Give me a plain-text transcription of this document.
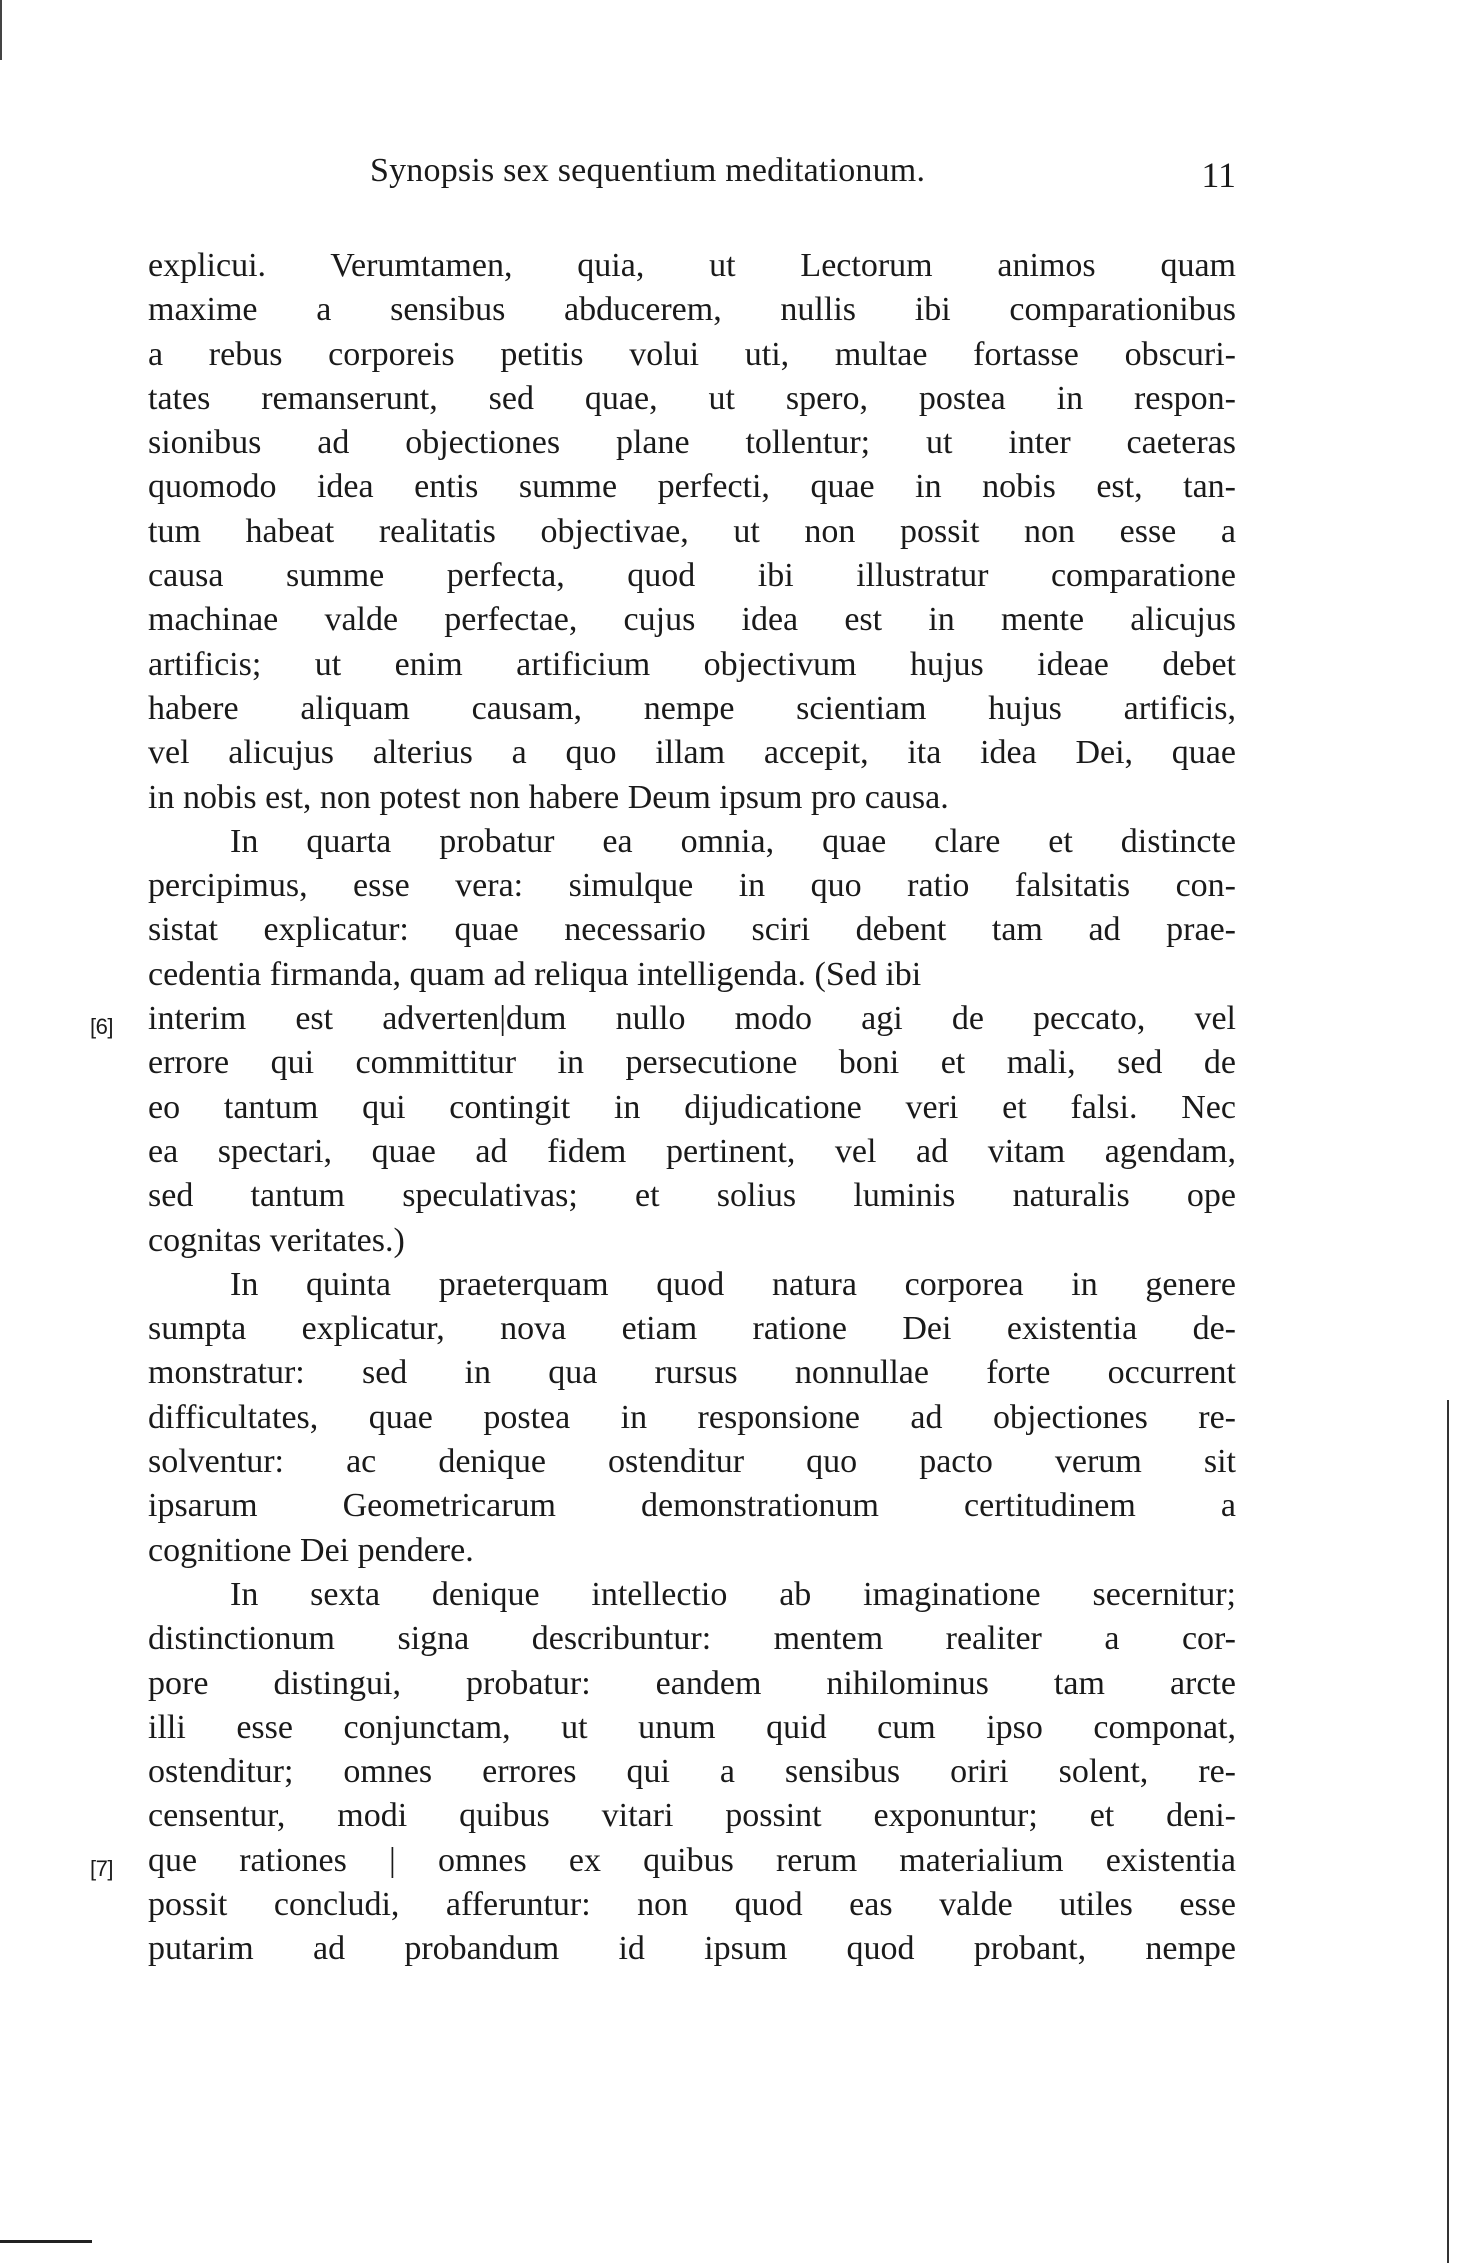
Synopsis sex sequentium meditationum.	11
explicui. Verumtamen, quia, ut Lectorum animos quam
maxime a sensibus abducerem, nullis ibi comparationibus
a rebus corporeis petitis volui uti, multae fortasse obscuri-
tates remanserunt, sed quae, ut spero, postea in respon-
sionibus ad objectiones plane tollentur; ut inter caeteras
quomodo idea entis summe perfecti, quae in nobis est, tan-
tum habeat realitatis objectivae, ut non possit non esse a
causa summe perfecta, quod ibi illustratur comparatione
machinae valde perfectae, cujus idea est in mente alicujus
artificis; ut enim artificium objectivum hujus ideae debet
habere aliquam causam, nempe scientiam hujus artificis,
vel alicujus alterius a quo illam accepit, ita idea Dei, quae
in nobis est, non potest non habere Deum ipsum pro causa.
In quarta probatur ea omnia, quae clare et distincte
percipimus, esse vera: simulque in quo ratio falsitatis con-
sistat explicatur: quae necessario sciri debent tam ad prae-
cedentia firmanda, quam ad reliqua intelligenda. (Sed ibi
[6] interim est adverten|dum nullo modo agi de peccato, vel
errore qui committitur in persecutione boni et mali, sed de
eo tantum qui contingit in dijudicatione veri et falsi. Nec
ea spectari, quae ad fidem pertinent, vel ad vitam agendam,
sed tantum speculativas; et solius luminis naturalis ope
cognitas veritates.)
In quinta praeterquam quod natura corporea in genere
sumpta explicatur, nova etiam ratione Dei existentia de-
monstratur: sed in qua rursus nonnullae forte occurrent
difficultates, quae postea in responsione ad objectiones re-
solventur: ac denique ostenditur quo pacto verum sit
ipsarum Geometricarum demonstrationum certitudinem a
cognitione Dei pendere.
In sexta denique intellectio ab imaginatione secernitur;
distinctionum signa describuntur: mentem realiter a cor-
pore distingui, probatur: eandem nihilominus tam arcte
illi esse conjunctam, ut unum quid cum ipso componat,
ostenditur; omnes errores qui a sensibus oriri solent, re-
censentur, modi quibus vitari possint exponuntur; et deni-
[7] que rationes | omnes ex quibus rerum materialium existentia
possit concludi, afferuntur: non quod eas valde utiles esse
putarim ad probandum id ipsum quod probant, nempe
